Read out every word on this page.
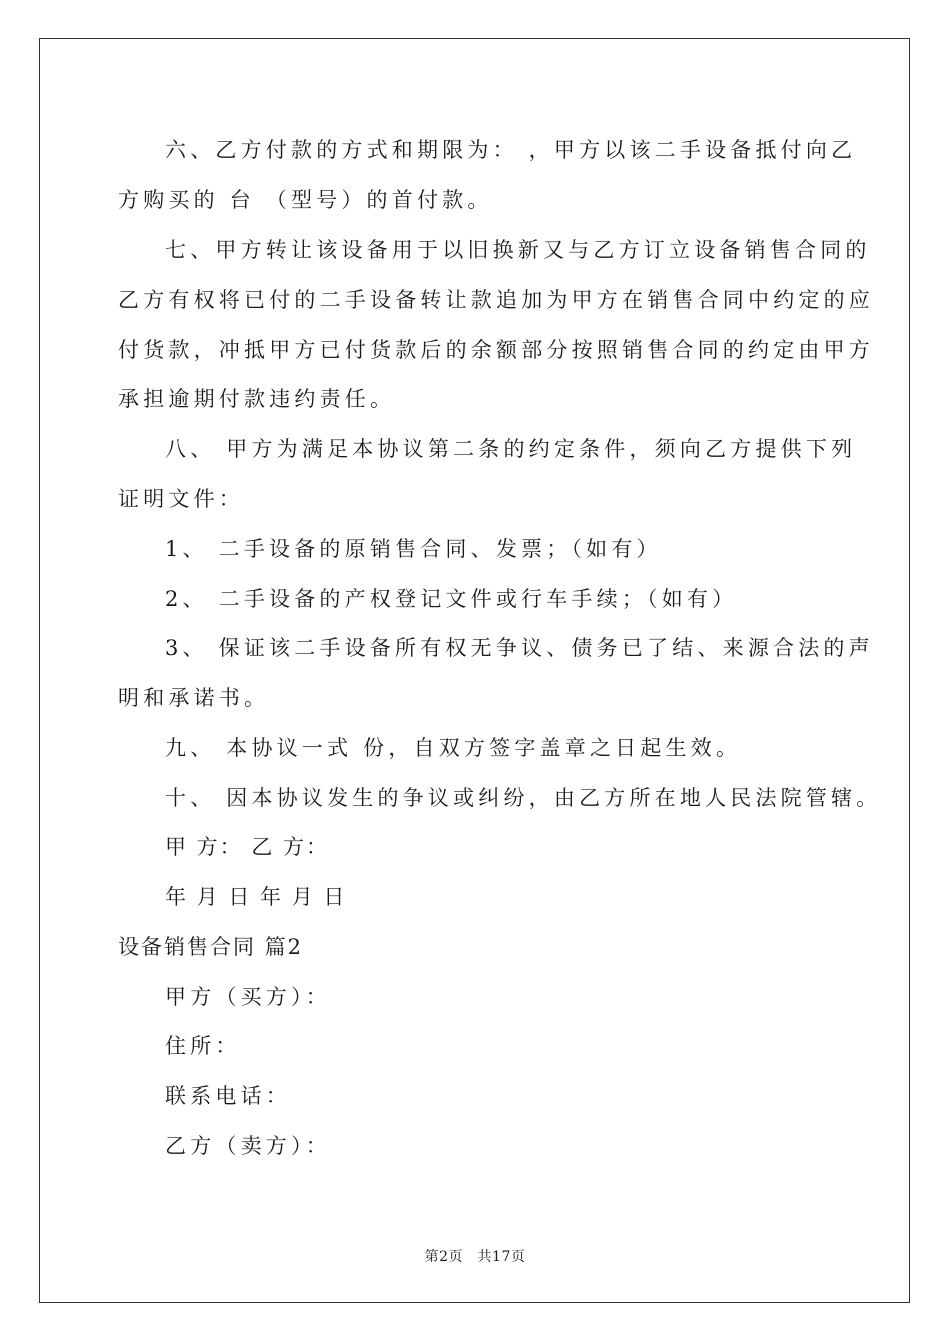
六、乙方付款的方式和期限为： ，甲方以该二手设备抵付向乙
方购买的 台 （型号）的首付款。
七、甲方转让该设备用于以旧换新又与乙方订立设备销售合同的
乙方有权将已付的二手设备转让款追加为甲方在销售合同中约定的应
付货款，冲抵甲方已付货款后的余额部分按照销售合同的约定由甲方
承担逾期付款违约责任。
八、 甲方为满足本协议第二条的约定条件，须向乙方提供下列
证明文件：
1、 二手设备的原销售合同、发票；（如有）
2、 二手设备的产权登记文件或行车手续；（如有）
3、 保证该二手设备所有权无争议、债务已了结、来源合法的声
明和承诺书。
九、 本协议一式 份，自双方签字盖章之日起生效。
十、 因本协议发生的争议或纠纷，由乙方所在地人民法院管辖。
甲 方： 乙 方：
年 月 日 年 月 日
设备销售合同 篇2
甲方（买方）：
住所：
联系电话：
乙方（卖方）：
第2页　共17页
